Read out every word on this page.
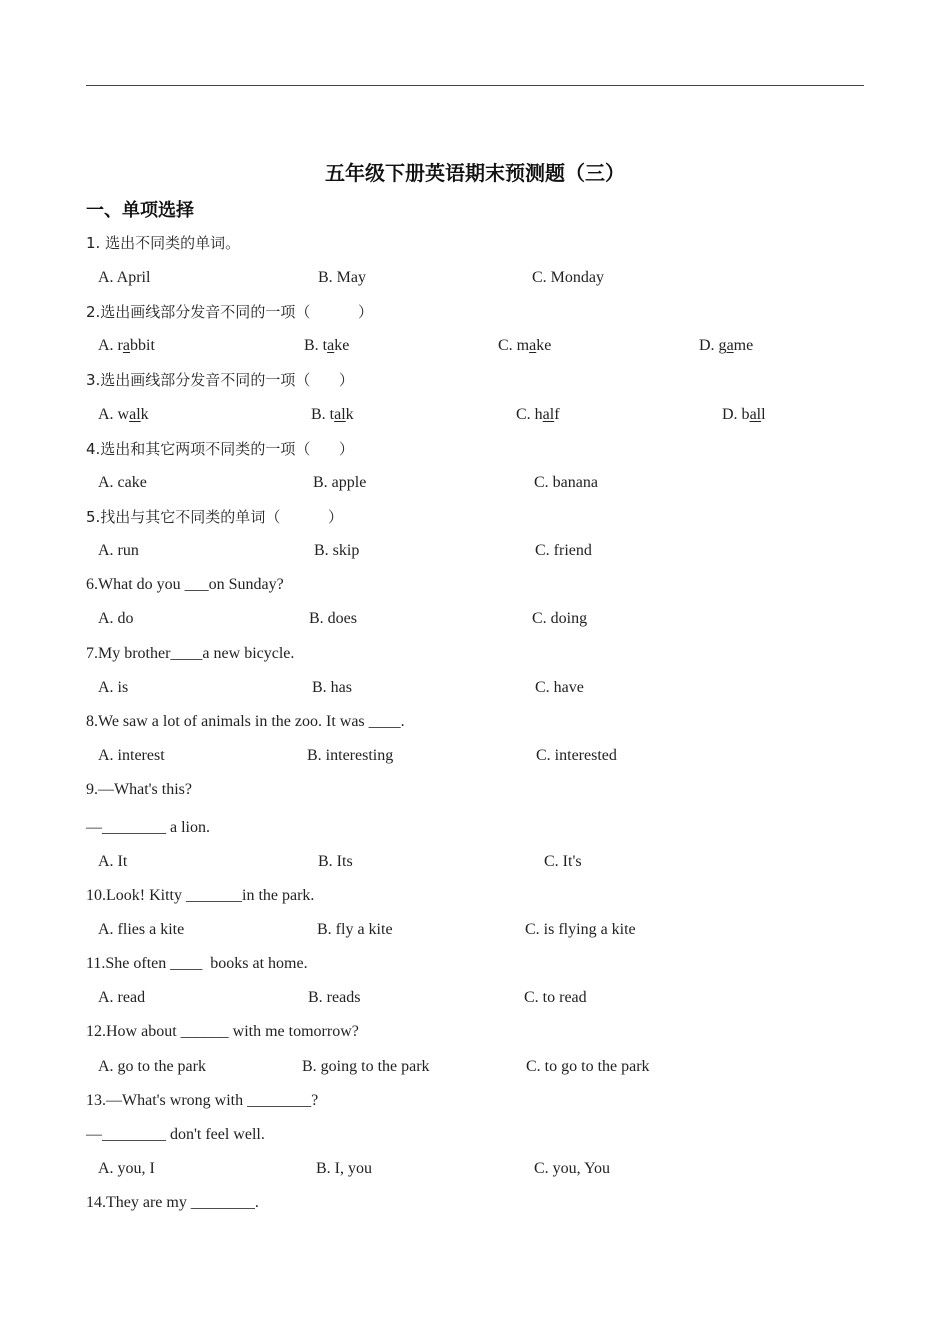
五年级下册英语期末预测题（三）
一、单项选择
1. 选出不同类的单词。
A. April	B. May	C. Monday
2.选出画线部分发音不同的一项（          ）
A. rabbit	B. take	C. make	D. game
3.选出画线部分发音不同的一项（      ）
A. walk	B. talk	C. half	D. ball
4.选出和其它两项不同类的一项（      ）
A. cake	B. apple	C. banana
5.找出与其它不同类的单词（          ）
A. run	B. skip	C. friend
6.What do you ___on Sunday?
A. do	B. does	C. doing
7.My brother____a new bicycle.
A. is	B. has	C. have
8.We saw a lot of animals in the zoo. It was ____.
A. interest	B. interesting	C. interested
9.—What's this?
—________ a lion.
A. It	B. Its	C. It's
10.Look! Kitty _______in the park.
A. flies a kite	B. fly a kite	C. is flying a kite
11.She often ____  books at home.
A. read	B. reads	C. to read
12.How about ______ with me tomorrow?
A. go to the park	B. going to the park	C. to go to the park
13.—What's wrong with ________?
—________ don't feel well.
A. you, I	B. I, you	C. you, You
14.They are my ________.
